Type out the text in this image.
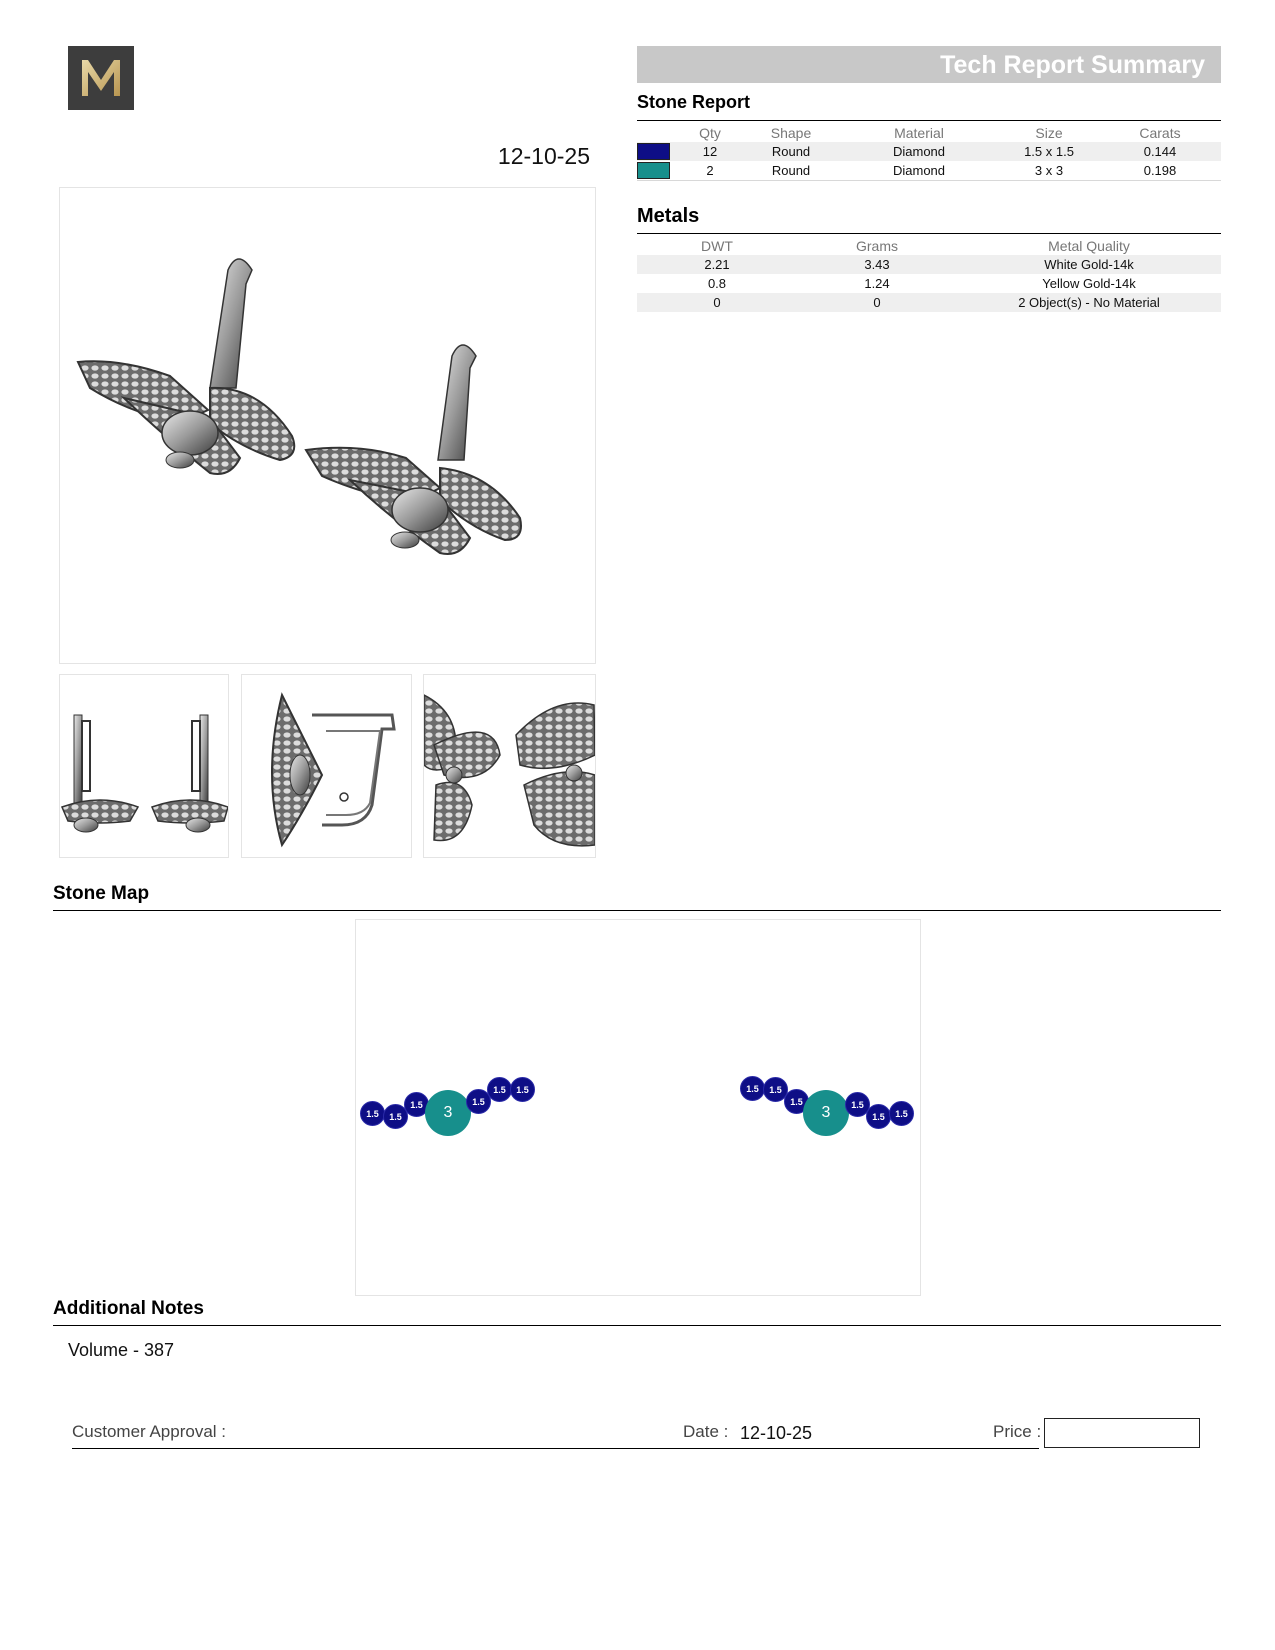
Tech Report Summary
12-10-25
Stone Report
	Qty	Shape	Material	Size	Carats
	12	Round	Diamond	1.5 x 1.5	0.144
	2	Round	Diamond	3 x 3	0.198
Metals
DWT	Grams	Metal Quality
2.21	3.43	White Gold-14k
0.8	1.24	Yellow Gold-14k
0	0	2 Object(s) - No Material
Stone Map
1.5	1.5
1.5	3
1.5
1.5	1.5	1.5	1.5
1.5
3	1.5
1.5	1.5
Additional Notes
Volume - 387
Customer Approval :	Date : 12-10-25	Price :
